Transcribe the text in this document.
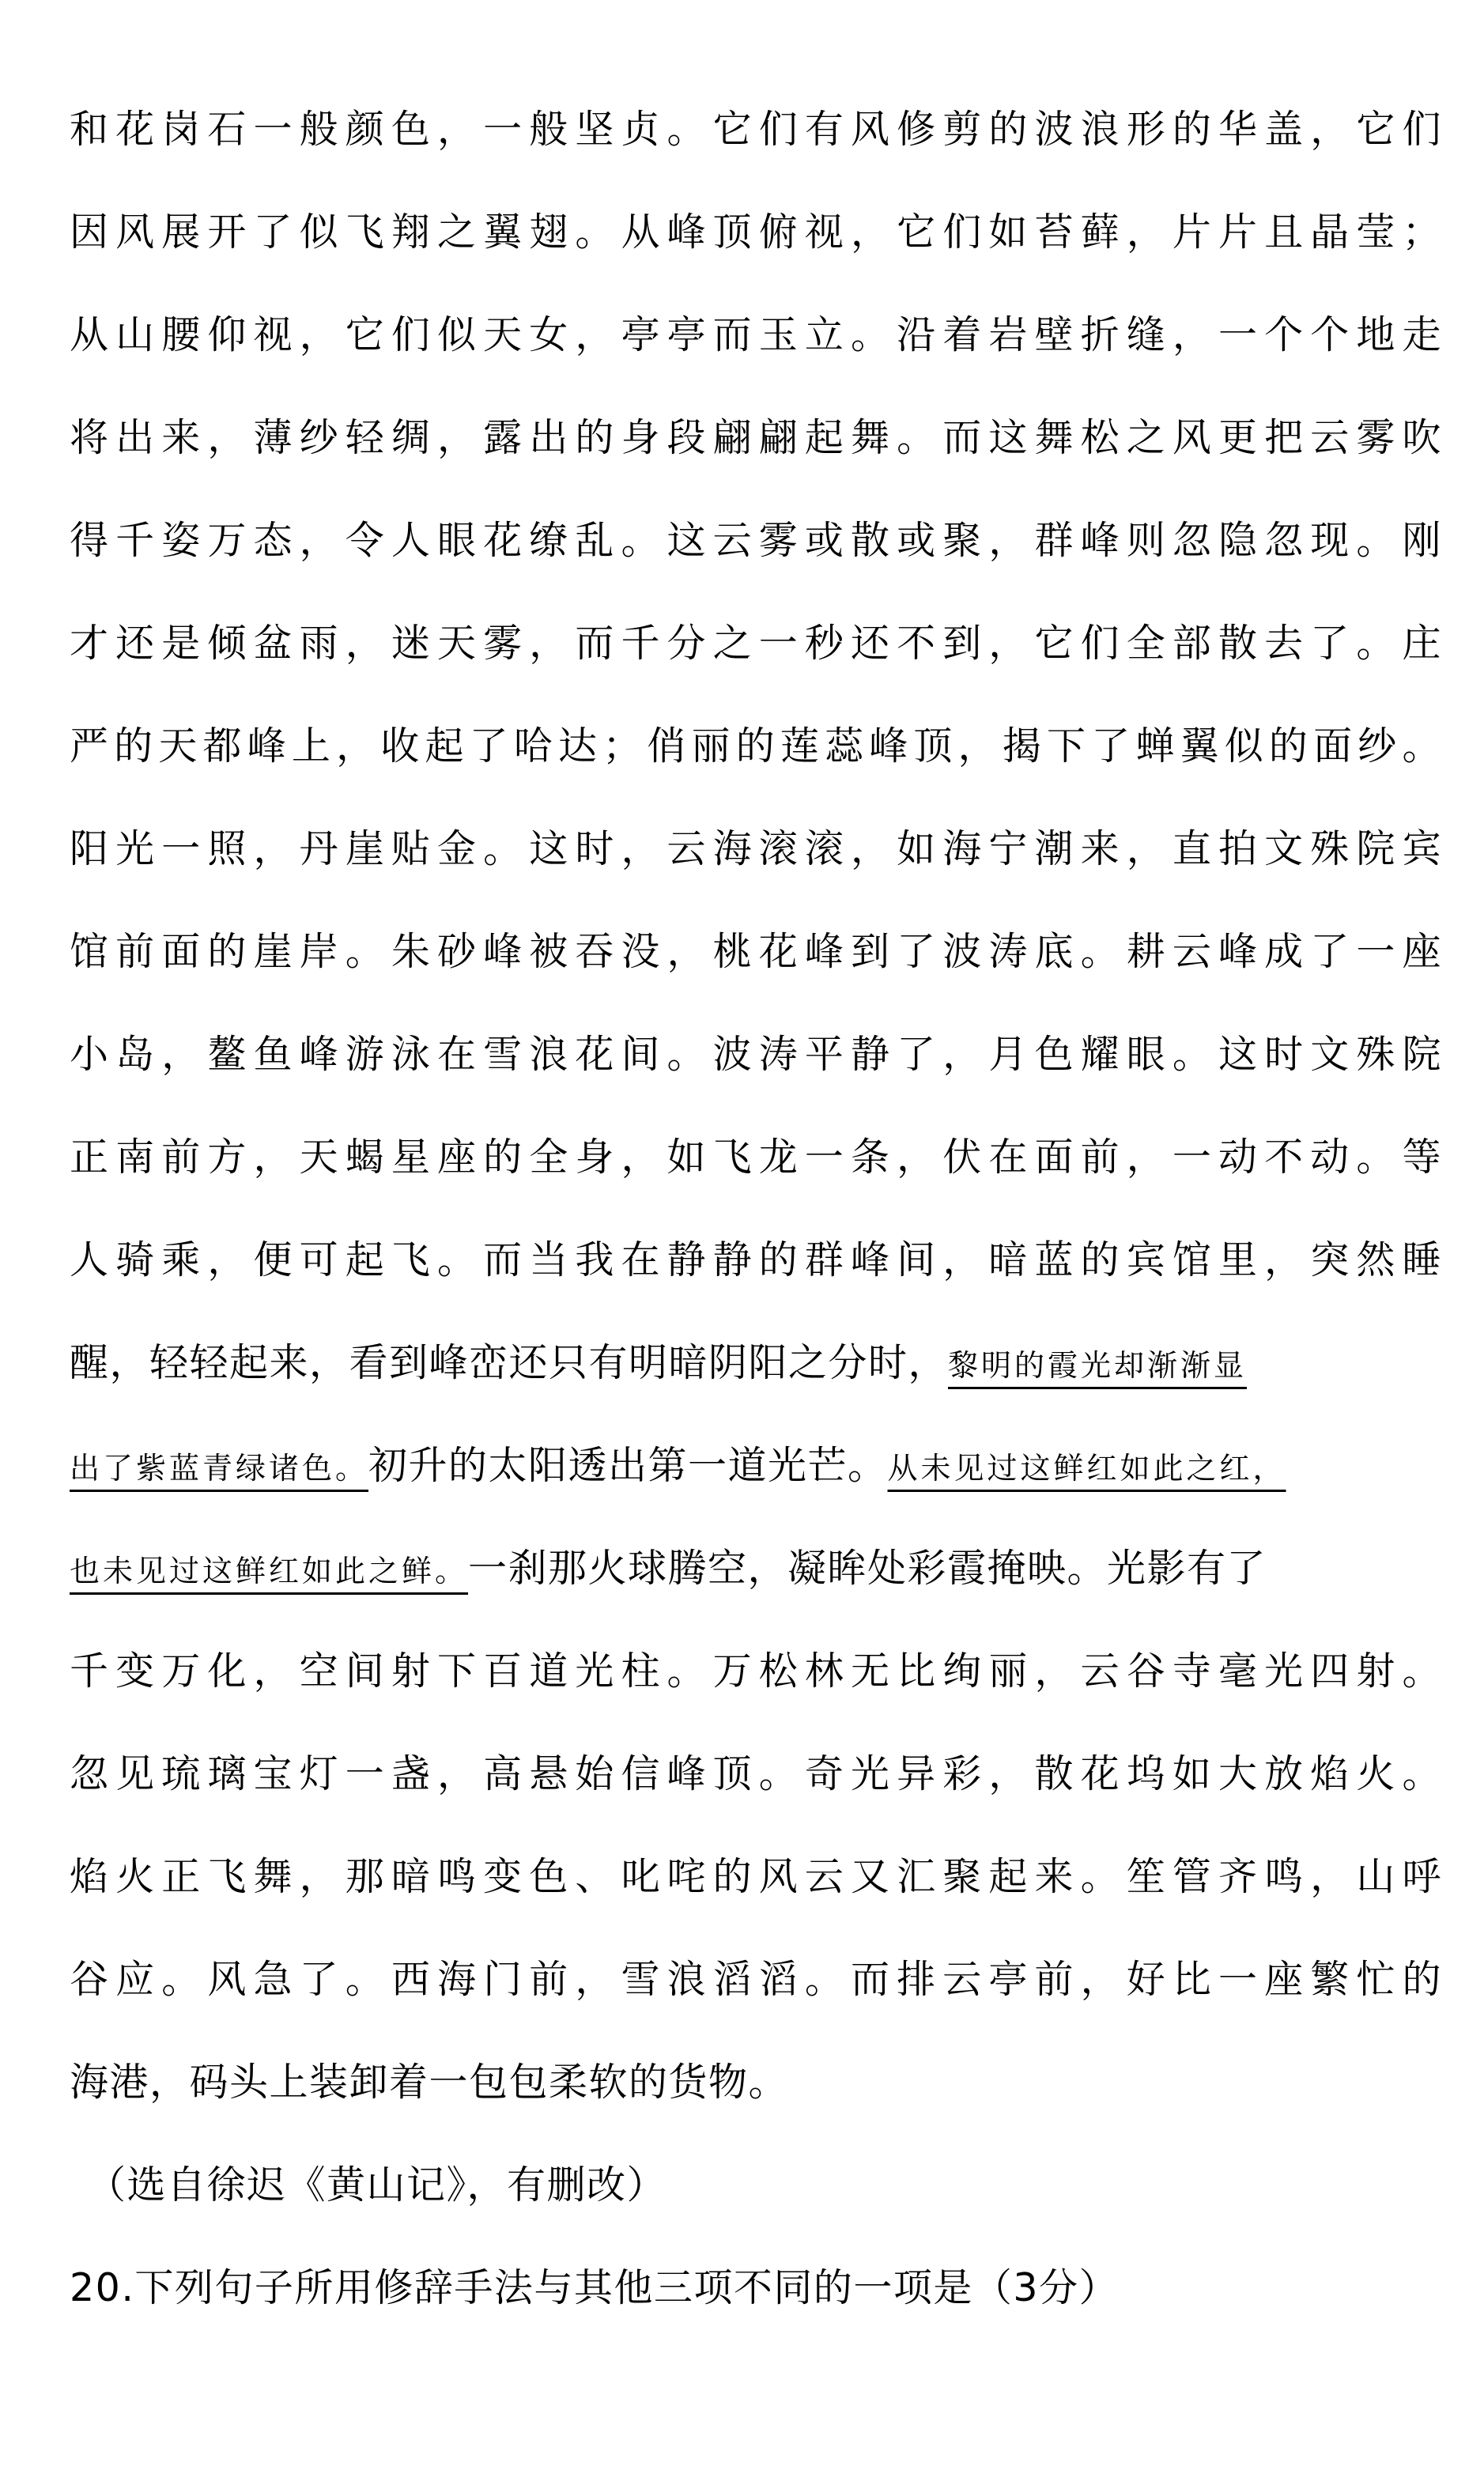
和花岗石一般颜色，一般坚贞。它们有风修剪的波浪形的华盖，它们
因风展开了似飞翔之翼翅。从峰顶俯视，它们如苔藓，片片且晶莹；
从山腰仰视，它们似天女，亭亭而玉立。沿着岩壁折缝，一个个地走
将出来，薄纱轻绸，露出的身段翩翩起舞。而这舞松之风更把云雾吹
得千姿万态，令人眼花缭乱。这云雾或散或聚，群峰则忽隐忽现。刚
才还是倾盆雨，迷天雾，而千分之一秒还不到，它们全部散去了。庄
严的天都峰上，收起了哈达；俏丽的莲蕊峰顶，揭下了蝉翼似的面纱。
阳光一照，丹崖贴金。这时，云海滚滚，如海宁潮来，直拍文殊院宾
馆前面的崖岸。朱砂峰被吞没，桃花峰到了波涛底。耕云峰成了一座
小岛，鳌鱼峰游泳在雪浪花间。波涛平静了，月色耀眼。这时文殊院
正南前方，天蝎星座的全身，如飞龙一条，伏在面前，一动不动。等
人骑乘，便可起飞。而当我在静静的群峰间，暗蓝的宾馆里，突然睡
醒，轻轻起来，看到峰峦还只有明暗阴阳之分时，黎明的霞光却渐渐显
出了紫蓝青绿诸色。初升的太阳透出第一道光芒。从未见过这鲜红如此之红，
也未见过这鲜红如此之鲜。一刹那火球腾空，凝眸处彩霞掩映。光影有了
千变万化，空间射下百道光柱。万松林无比绚丽，云谷寺毫光四射。
忽见琉璃宝灯一盏，高悬始信峰顶。奇光异彩，散花坞如大放焰火。
焰火正飞舞，那暗鸣变色、叱咤的风云又汇聚起来。笙管齐鸣，山呼
谷应。风急了。西海门前，雪浪滔滔。而排云亭前，好比一座繁忙的
海港，码头上装卸着一包包柔软的货物。
（选自徐迟《黄山记》，有删改）
20.下列句子所用修辞手法与其他三项不同的一项是（3分）
